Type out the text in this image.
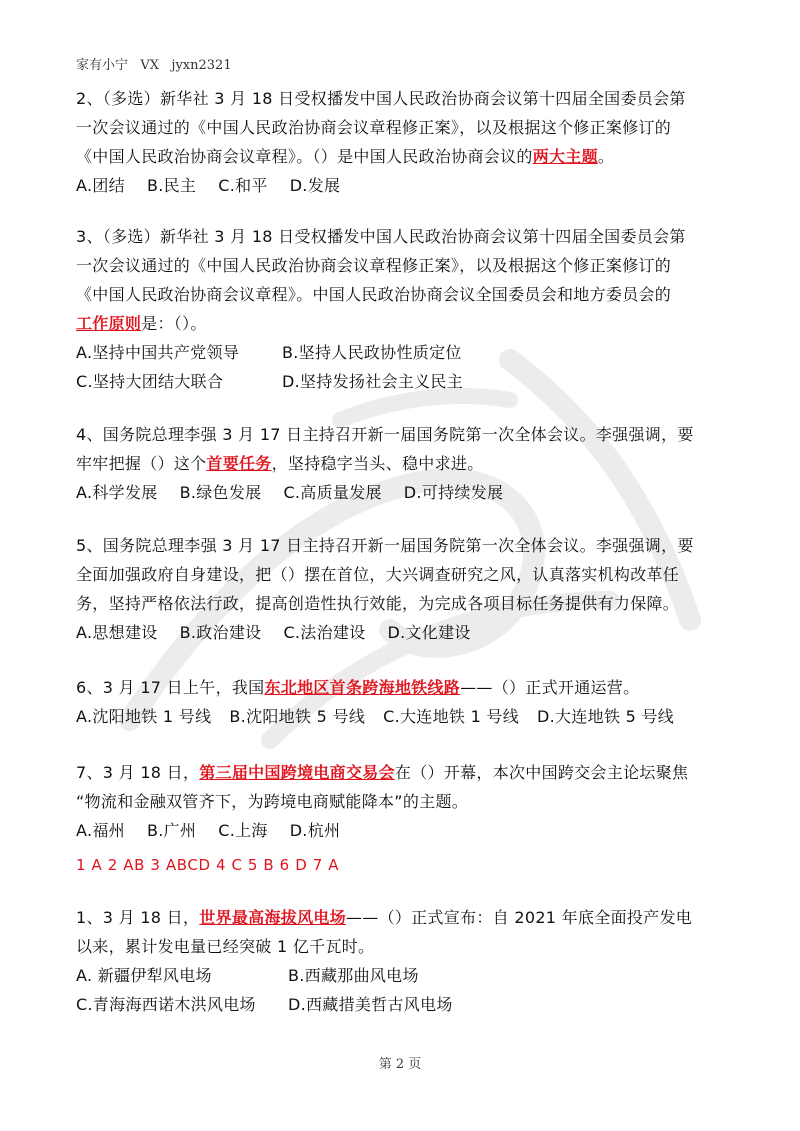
家有小宁   VX   jyxn2321
2、（多选）新华社 3 月 18 日受权播发中国人民政治协商会议第十四届全国委员会第
一次会议通过的《中国人民政治协商会议章程修正案》，以及根据这个修正案修订的
《中国人民政治协商会议章程》。（）是中国人民政治协商会议的两大主题。
A.团结 B.民主 C.和平 D.发展
3、（多选）新华社 3 月 18 日受权播发中国人民政治协商会议第十四届全国委员会第
一次会议通过的《中国人民政治协商会议章程修正案》，以及根据这个修正案修订的
《中国人民政治协商会议章程》。中国人民政治协商会议全国委员会和地方委员会的
工作原则是：（）。
A.坚持中国共产党领导	B.坚持人民政协性质定位
C.坚持大团结大联合	D.坚持发扬社会主义民主
4、国务院总理李强 3 月 17 日主持召开新一届国务院第一次全体会议。李强强调，要
牢牢把握（）这个首要任务，坚持稳字当头、稳中求进。
A.科学发展 B.绿色发展 C.高质量发展 D.可持续发展
5、国务院总理李强 3 月 17 日主持召开新一届国务院第一次全体会议。李强强调，要
全面加强政府自身建设，把（）摆在首位，大兴调查研究之风，认真落实机构改革任
务，坚持严格依法行政，提高创造性执行效能，为完成各项目标任务提供有力保障。
A.思想建设 B.政治建设 C.法治建设 D.文化建设
6、3 月 17 日上午，我国东北地区首条跨海地铁线路——（）正式开通运营。
A.沈阳地铁 1 号线 B.沈阳地铁 5 号线 C.大连地铁 1 号线 D.大连地铁 5 号线
7、3 月 18 日，第三届中国跨境电商交易会在（）开幕，本次中国跨交会主论坛聚焦
“物流和金融双管齐下，为跨境电商赋能降本”的主题。
A.福州 B.广州 C.上海 D.杭州
1 A 2 AB 3 ABCD 4 C 5 B 6 D 7 A
1、3 月 18 日，世界最高海拔风电场——（）正式宣布：自 2021 年底全面投产发电
以来，累计发电量已经突破 1 亿千瓦时。
A. 新疆伊犁风电场	B.西藏那曲风电场
C.青海海西诺木洪风电场	D.西藏措美哲古风电场
第 2 页
